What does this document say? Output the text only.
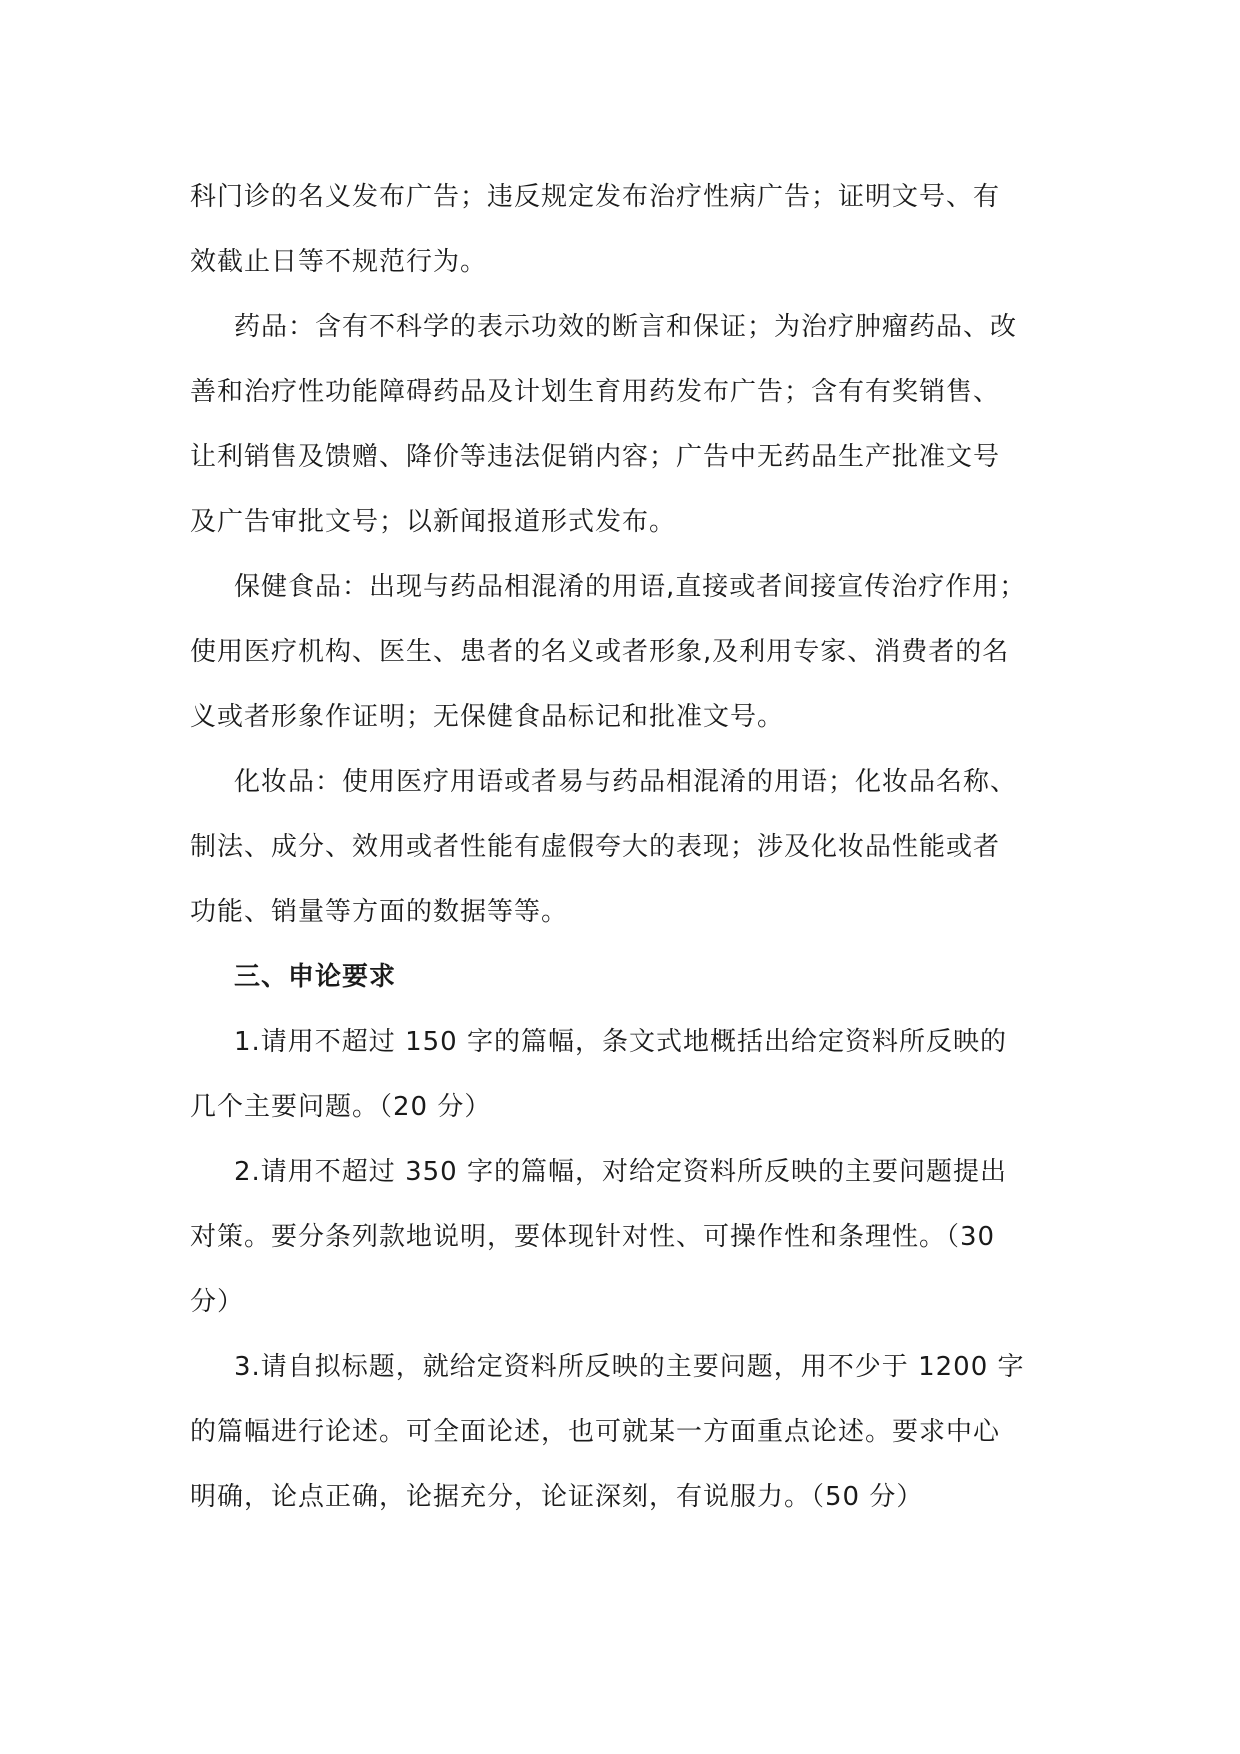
科门诊的名义发布广告；违反规定发布治疗性病广告；证明文号、有
效截止日等不规范行为。
药品：含有不科学的表示功效的断言和保证；为治疗肿瘤药品、改
善和治疗性功能障碍药品及计划生育用药发布广告；含有有奖销售、
让利销售及馈赠、降价等违法促销内容；广告中无药品生产批准文号
及广告审批文号；以新闻报道形式发布。
保健食品：出现与药品相混淆的用语,直接或者间接宣传治疗作用；
使用医疗机构、医生、患者的名义或者形象,及利用专家、消费者的名
义或者形象作证明；无保健食品标记和批准文号。
化妆品：使用医疗用语或者易与药品相混淆的用语；化妆品名称、
制法、成分、效用或者性能有虚假夸大的表现；涉及化妆品性能或者
功能、销量等方面的数据等等。
三、申论要求
1.请用不超过 150 字的篇幅，条文式地概括出给定资料所反映的
几个主要问题。（20 分）
2.请用不超过 350 字的篇幅，对给定资料所反映的主要问题提出
对策。要分条列款地说明，要体现针对性、可操作性和条理性。（30
分）
3.请自拟标题，就给定资料所反映的主要问题，用不少于 1200 字
的篇幅进行论述。可全面论述，也可就某一方面重点论述。要求中心
明确，论点正确，论据充分，论证深刻，有说服力。（50 分）
